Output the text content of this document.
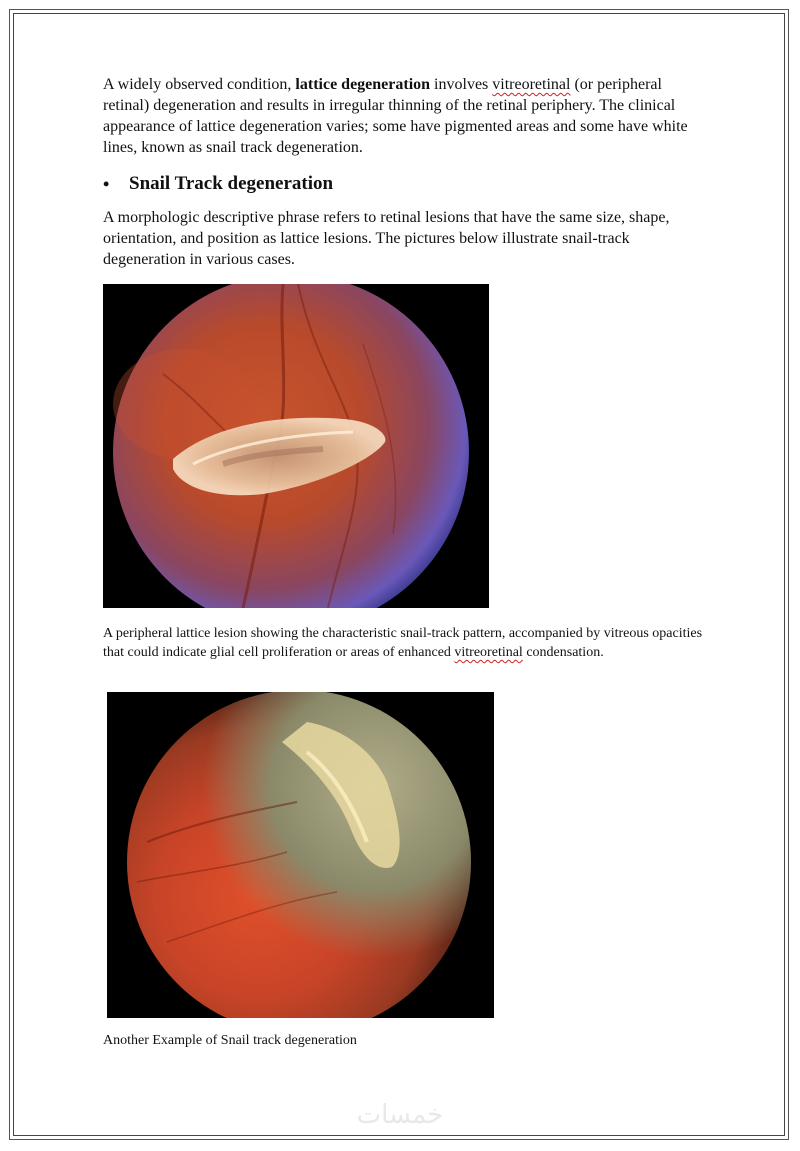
A widely observed condition, lattice degeneration involves vitreoretinal (or peripheral retinal) degeneration and results in irregular thinning of the retinal periphery. The clinical appearance of lattice degeneration varies; some have pigmented areas and some have white lines, known as snail track degeneration.

•	Snail Track degeneration

A morphologic descriptive phrase refers to retinal lesions that have the same size, shape, orientation, and position as lattice lesions. The pictures below illustrate snail-track degeneration in various cases.

A peripheral lattice lesion showing the characteristic snail-track pattern, accompanied by vitreous opacities that could indicate glial cell proliferation or areas of enhanced vitreoretinal condensation.

Another Example of Snail track degeneration

خمسات
